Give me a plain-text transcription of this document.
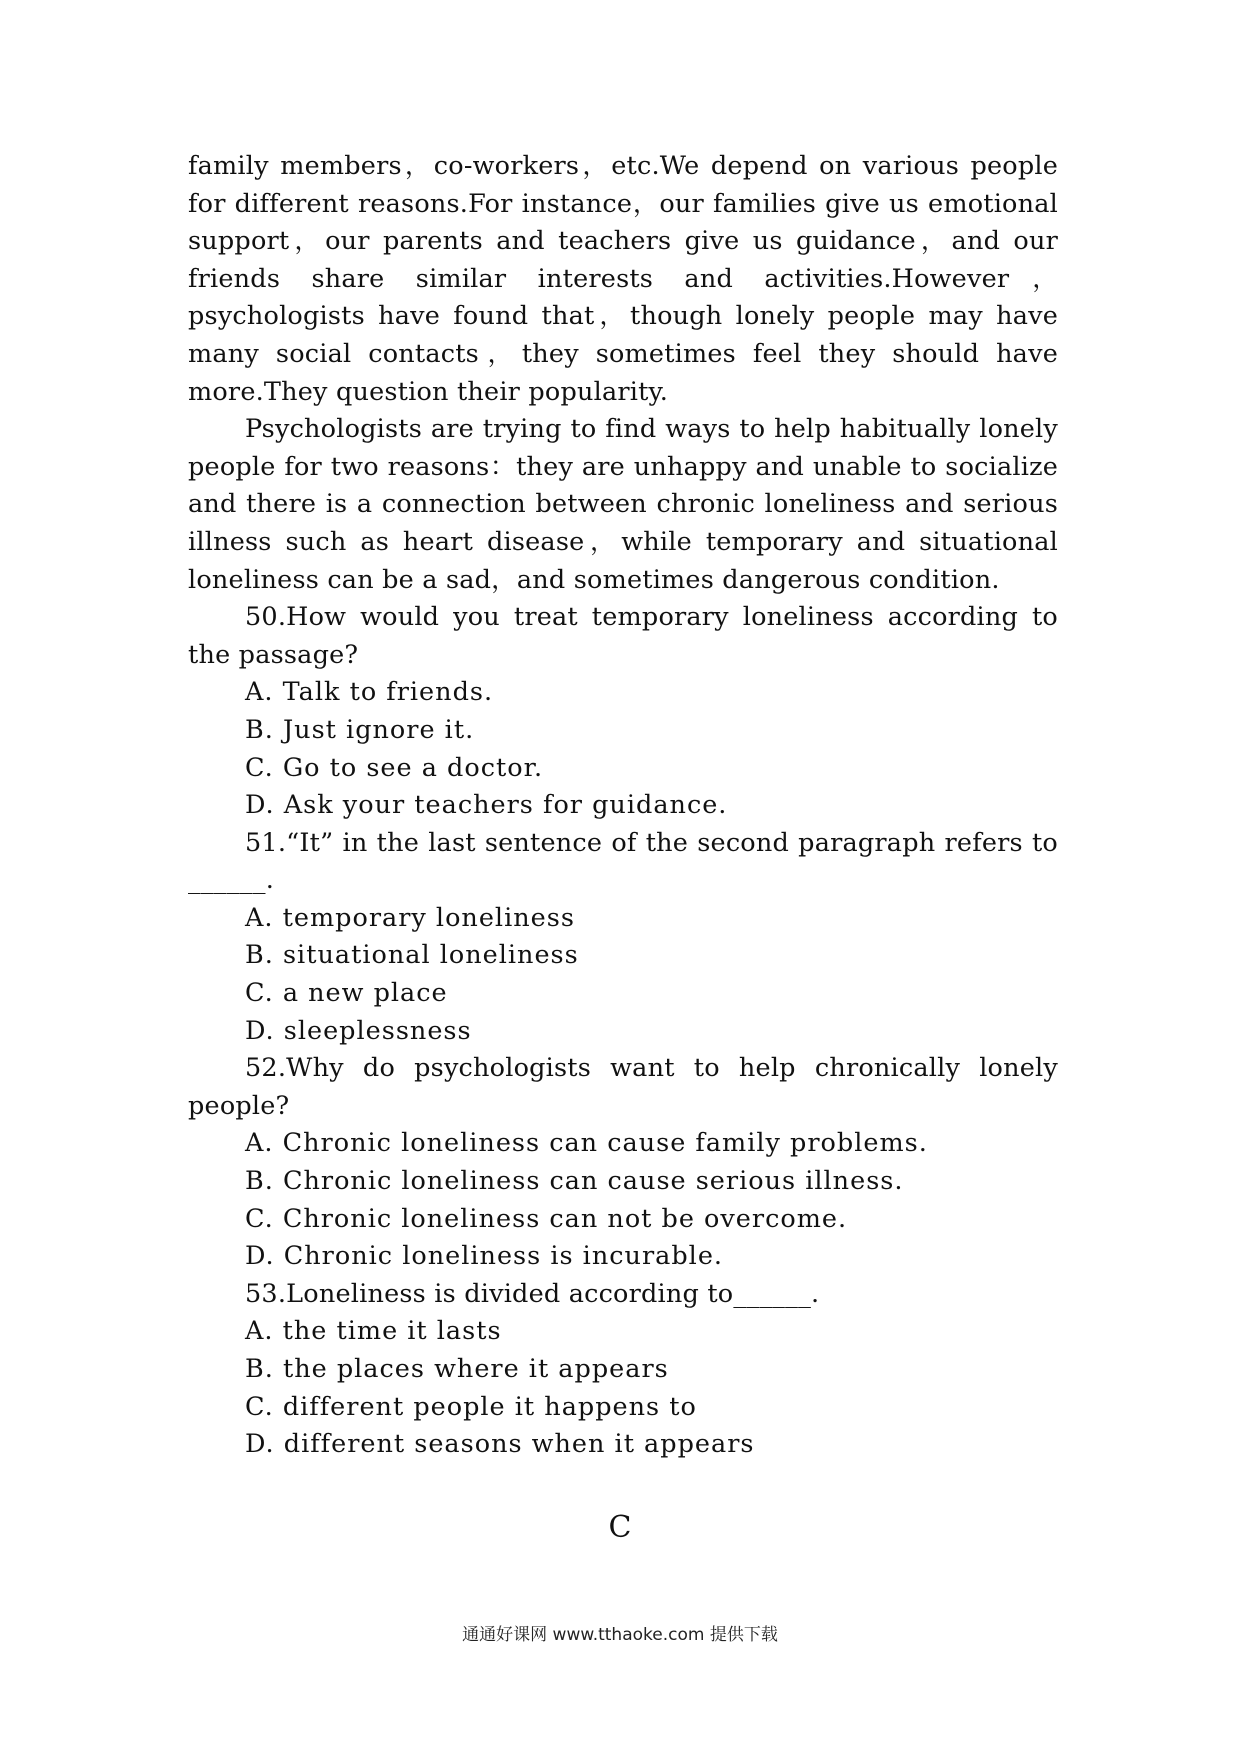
family members，co-workers，etc.We depend on various people for different reasons.For instance，our families give us emotional support，our parents and teachers give us guidance，and our friends share similar interests and activities.However，psychologists have found that，though lonely people may have many social contacts，they sometimes feel they should have more.They question their popularity.

Psychologists are trying to find ways to help habitually lonely people for two reasons：they are unhappy and unable to socialize and there is a connection between chronic loneliness and serious illness such as heart disease，while temporary and situational loneliness can be a sad，and sometimes dangerous condition.

50.How would you treat temporary loneliness according to the passage?

A. Talk to friends.

B. Just ignore it.

C. Go to see a doctor.

D. Ask your teachers for guidance.

51.“It” in the last sentence of the second paragraph refers to ______.

A. temporary loneliness

B. situational loneliness

C. a new place

D. sleeplessness

52.Why do psychologists want to help chronically lonely people?

A. Chronic loneliness can cause family problems.

B. Chronic loneliness can cause serious illness.

C. Chronic loneliness can not be overcome.

D. Chronic loneliness is incurable.

53.Loneliness is divided according to______.

A. the time it lasts

B. the places where it appears

C. different people it happens to

D. different seasons when it appears

C
通通好课网 www.tthaoke.com 提供下载
